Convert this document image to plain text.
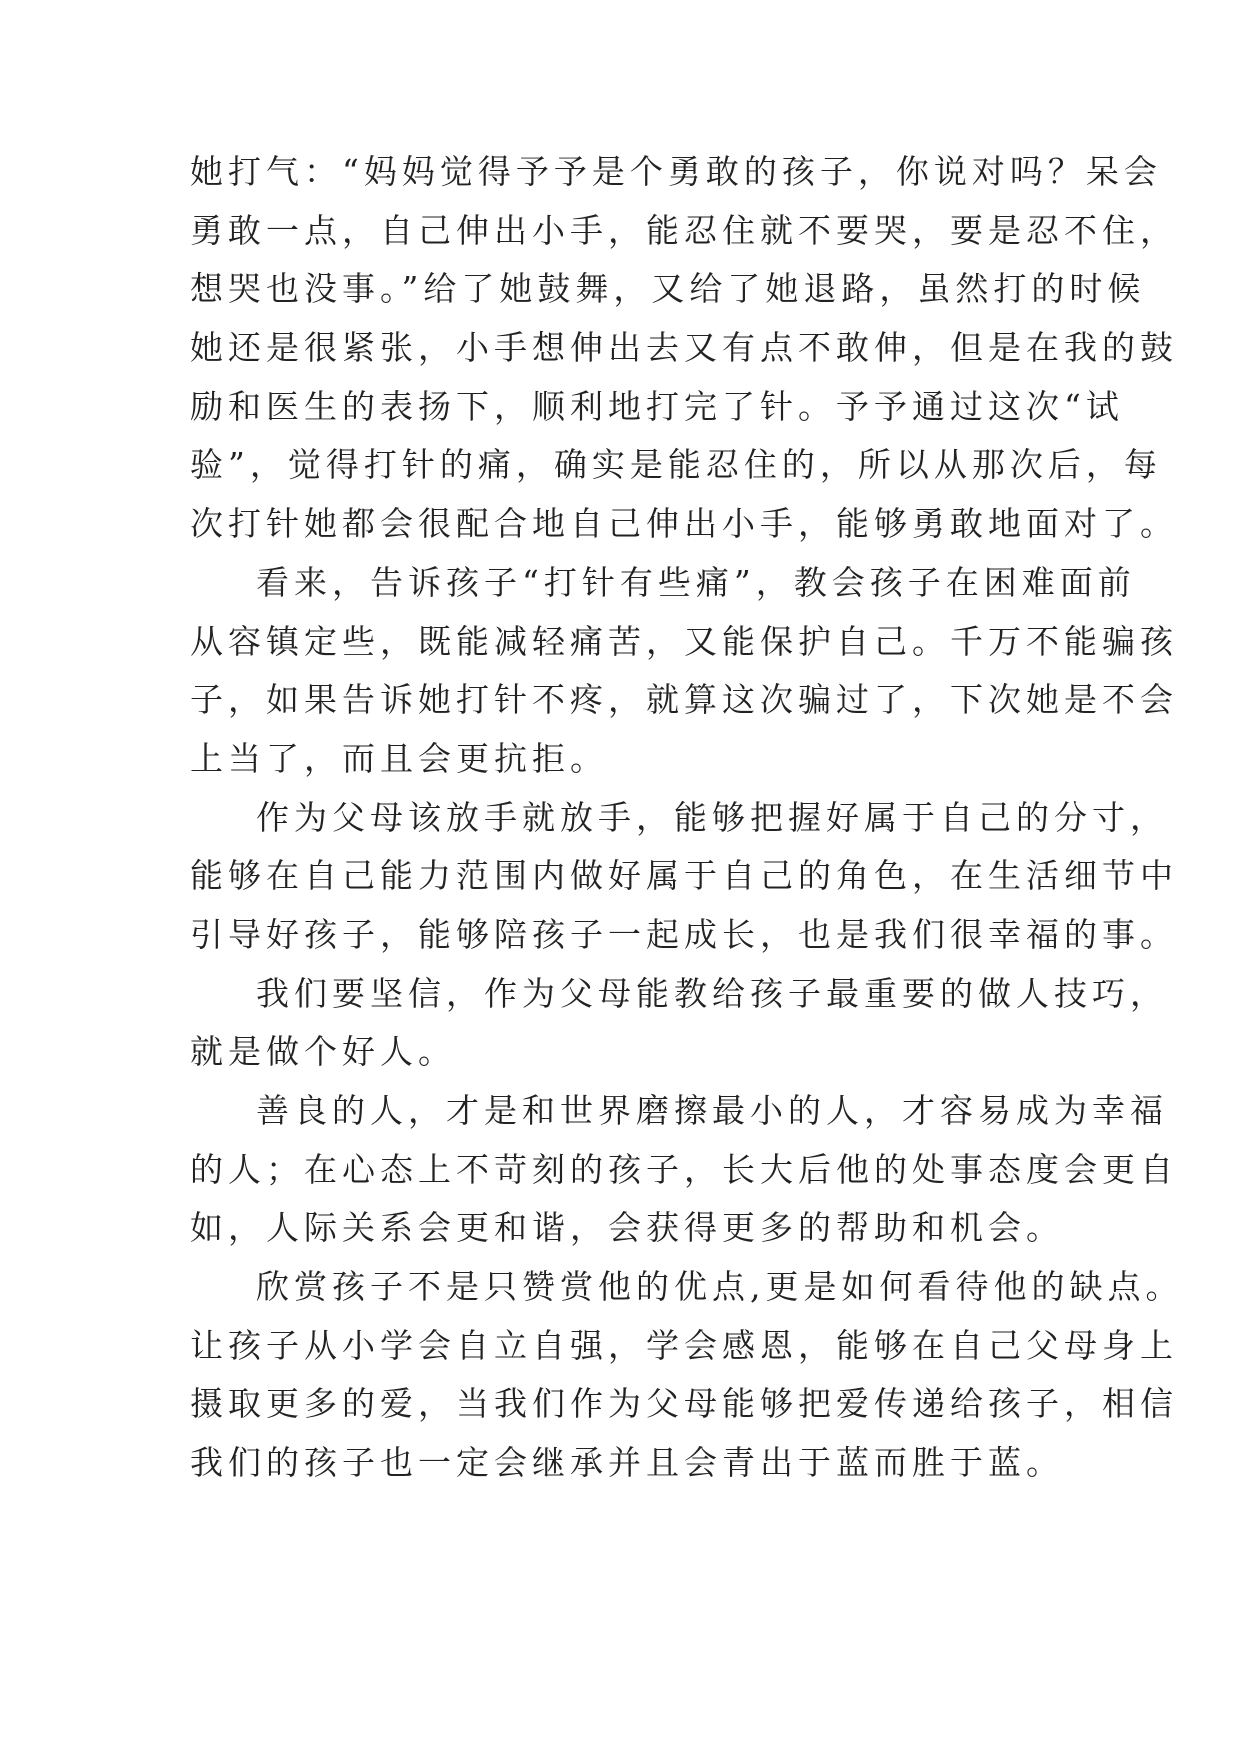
她打气：“妈妈觉得予予是个勇敢的孩子，你说对吗？呆会
勇敢一点，自己伸出小手，能忍住就不要哭，要是忍不住，
想哭也没事。”给了她鼓舞，又给了她退路，虽然打的时候
她还是很紧张，小手想伸出去又有点不敢伸，但是在我的鼓
励和医生的表扬下，顺利地打完了针。予予通过这次“试
验”，觉得打针的痛，确实是能忍住的，所以从那次后，每
次打针她都会很配合地自己伸出小手，能够勇敢地面对了。
看来，告诉孩子“打针有些痛”，教会孩子在困难面前
从容镇定些，既能减轻痛苦，又能保护自己。千万不能骗孩
子，如果告诉她打针不疼，就算这次骗过了，下次她是不会
上当了，而且会更抗拒。
作为父母该放手就放手，能够把握好属于自己的分寸，
能够在自己能力范围内做好属于自己的角色，在生活细节中
引导好孩子，能够陪孩子一起成长，也是我们很幸福的事。
我们要坚信，作为父母能教给孩子最重要的做人技巧，
就是做个好人。
善良的人，才是和世界磨擦最小的人，才容易成为幸福
的人；在心态上不苛刻的孩子，长大后他的处事态度会更自
如，人际关系会更和谐，会获得更多的帮助和机会。
欣赏孩子不是只赞赏他的优点,更是如何看待他的缺点。
让孩子从小学会自立自强，学会感恩，能够在自己父母身上
摄取更多的爱，当我们作为父母能够把爱传递给孩子，相信
我们的孩子也一定会继承并且会青出于蓝而胜于蓝。
